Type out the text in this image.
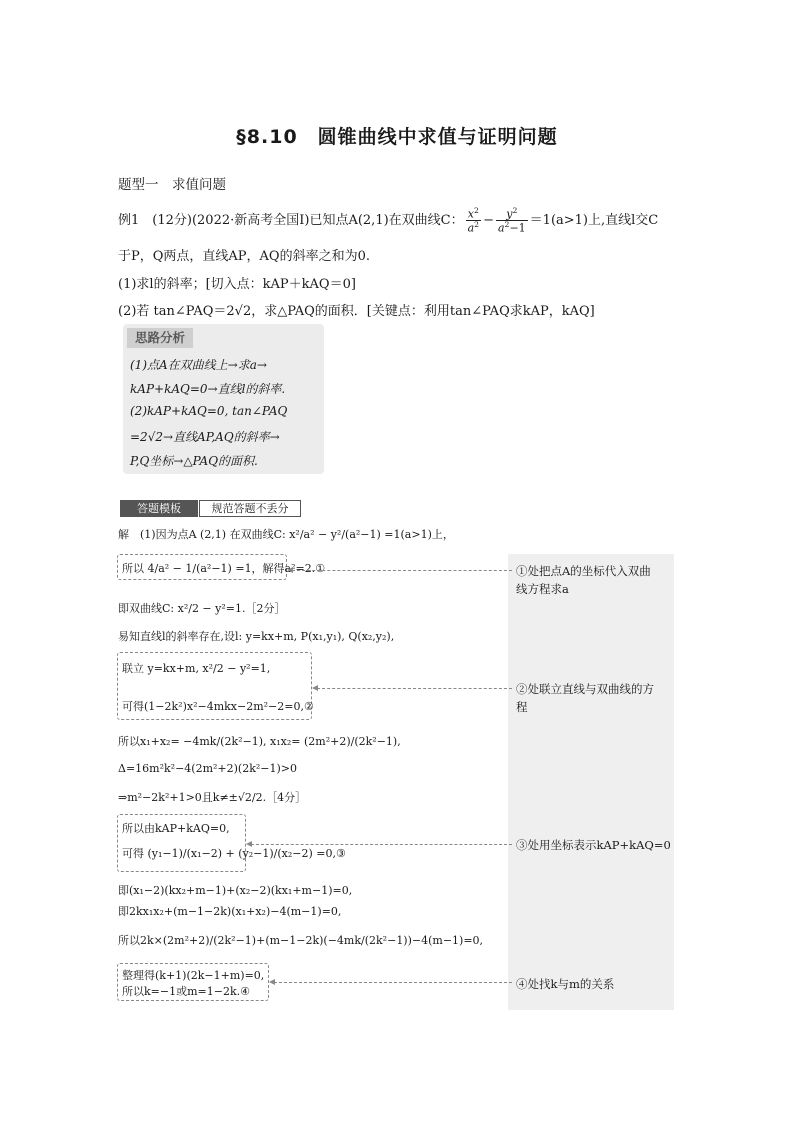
§8.10　圆锥曲线中求值与证明问题
题型一　求值问题
例1　(12分)(2022·新高考全国Ⅰ)已知点A(2,1)在双曲线C： $\frac{x^2}{a^2} - \frac{y^2}{a^2-1} =1(a>1)$上,直线l交C
于P，Q两点，直线AP，AQ的斜率之和为0.
(1)求l的斜率；[切入点：kAP＋kAQ＝0]
(2)若 tan∠PAQ＝2√2，求△PAQ的面积．[关键点：利用tan∠PAQ求kAP，kAQ]
思路分析
(1)点A在双曲线上→求a→
kAP+kAQ=0→直线l的斜率.
(2)kAP+kAQ=0, tan∠PAQ
=2√2→直线AP,AQ的斜率→
P,Q坐标→△PAQ的面积.
答题模板	规范答题不丢分
解　(1)因为点A (2,1) 在双曲线C: x²/a² − y²/(a²−1) =1(a>1)上，
所以 4/a² − 1/(a²−1) =1，解得a²=2.①
即双曲线C: x²/2 − y²=1.［2分］
易知直线l的斜率存在,设l: y=kx+m, P(x₁,y₁), Q(x₂,y₂),
联立 y=kx+m, x²/2 − y²=1,
可得(1−2k²)x²−4mkx−2m²−2=0,②
所以x₁+x₂= −4mk/(2k²−1), x₁x₂= (2m²+2)/(2k²−1),
Δ=16m²k²−4(2m²+2)(2k²−1)>0
⇒m²−2k²+1>0且k≠±√2/2.［4分］
所以由kAP+kAQ=0,
可得 (y₁−1)/(x₁−2) + (y₂−1)/(x₂−2) =0,③
即(x₁−2)(kx₂+m−1)+(x₂−2)(kx₁+m−1)=0,
即2kx₁x₂+(m−1−2k)(x₁+x₂)−4(m−1)=0,
所以2k×(2m²+2)/(2k²−1)+(m−1−2k)(−4mk/(2k²−1))−4(m−1)=0,
整理得(k+1)(2k−1+m)=0,
所以k=−1或m=1−2k.④
①处把点A的坐标代入双曲线方程求a
②处联立直线与双曲线的方程
③处用坐标表示kAP+kAQ=0
④处找k与m的关系
